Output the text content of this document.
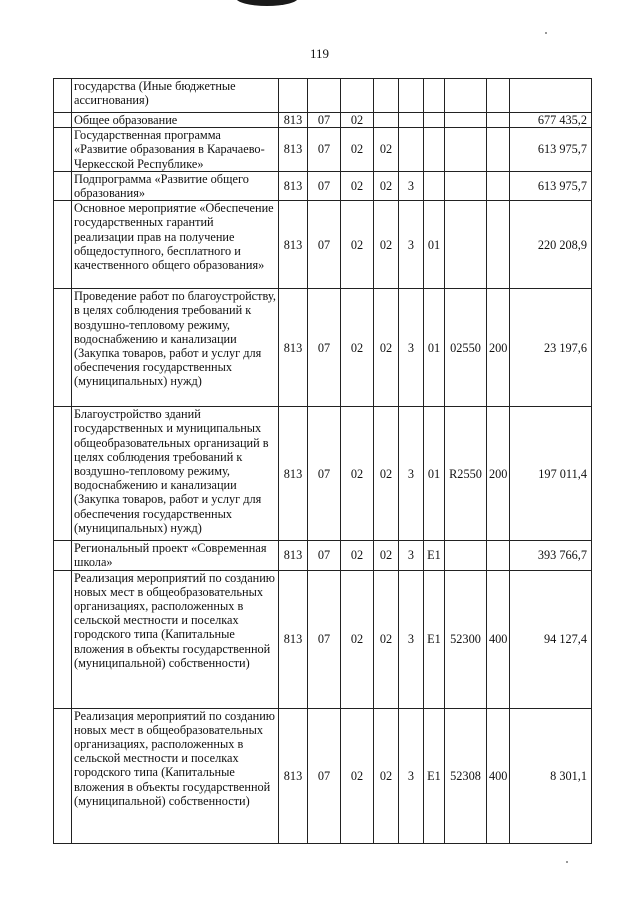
119
	государства (Иные бюджетные ассигнования)									
	Общее образование	813	07	02						677 435,2
	Государственная программа «Развитие образования в Карачаево-Черкесской Республике»	813	07	02	02					613 975,7
	Подпрограмма «Развитие общего образования»	813	07	02	02	3				613 975,7
	Основное мероприятие «Обеспечение государственных гарантий реализации прав на получение общедоступного, бесплатного и качественного общего образования»	813	07	02	02	3	01			220 208,9
	Проведение работ по благоустройству, в целях соблюдения требований к воздушно-тепловому режиму, водоснабжению и канализации (Закупка товаров, работ и услуг для обеспечения государственных (муниципальных) нужд)	813	07	02	02	3	01	02550	200	23 197,6
	Благоустройство зданий государственных и муниципальных общеобразовательных организаций в целях соблюдения требований к воздушно-тепловому режиму, водоснабжению и канализации (Закупка товаров, работ и услуг для обеспечения государственных (муниципальных) нужд)	813	07	02	02	3	01	R2550	200	197 011,4
	Региональный проект «Современная школа»	813	07	02	02	3	E1			393 766,7
	Реализация мероприятий по созданию новых мест в общеобразовательных организациях, расположенных в сельской местности и поселках городского типа (Капитальные вложения в объекты государственной (муниципальной) собственности)	813	07	02	02	3	E1	52300	400	94 127,4
	Реализация мероприятий по созданию новых мест в общеобразовательных организациях, расположенных в сельской местности и поселках городского типа (Капитальные вложения в объекты государственной (муниципальной) собственности)	813	07	02	02	3	E1	52308	400	8 301,1
